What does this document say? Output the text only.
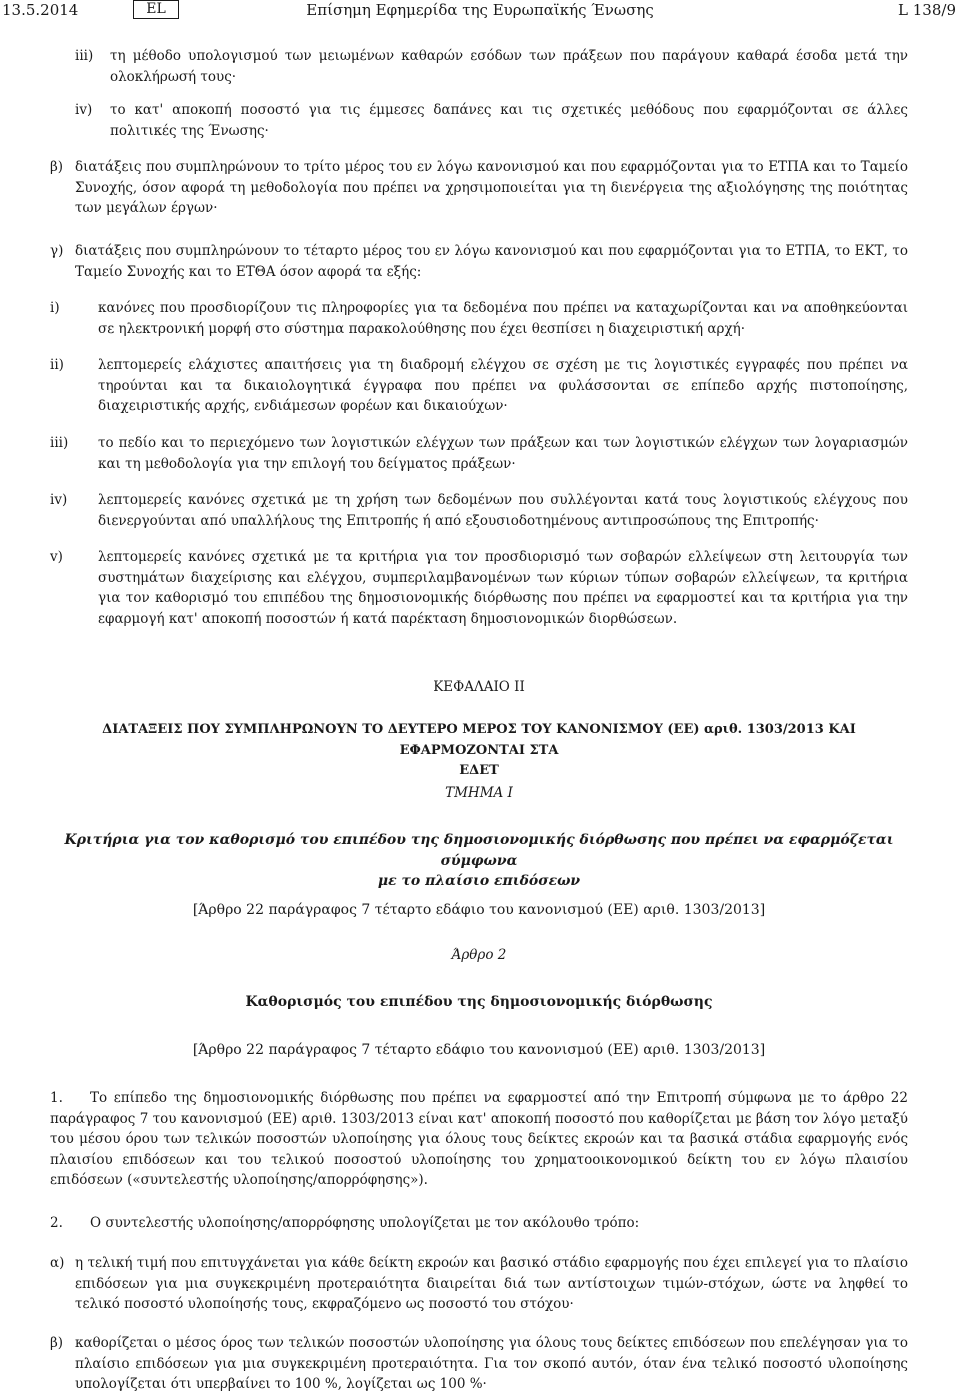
13.5.2014	EL	Επίσημη Εφημερίδα της Ευρωπαϊκής Ένωσης	L 138/9
iii) τη μέθοδο υπολογισμού των μειωμένων καθαρών εσόδων των πράξεων που παράγουν καθαρά έσοδα μετά την ολοκλήρωσή τους·
iv) το κατ' αποκοπή ποσοστό για τις έμμεσες δαπάνες και τις σχετικές μεθόδους που εφαρμόζονται σε άλλες πολιτικές της Ένωσης·
β) διατάξεις που συμπληρώνουν το τρίτο μέρος του εν λόγω κανονισμού και που εφαρμόζονται για το ΕΤΠΑ και το Ταμείο Συνοχής, όσον αφορά τη μεθοδολογία που πρέπει να χρησιμοποιείται για τη διενέργεια της αξιολόγησης της ποιότητας των μεγάλων έργων·
γ) διατάξεις που συμπληρώνουν το τέταρτο μέρος του εν λόγω κανονισμού και που εφαρμόζονται για το ΕΤΠΑ, το ΕΚΤ, το Ταμείο Συνοχής και το ΕΤΘΑ όσον αφορά τα εξής:
i)	κανόνες που προσδιορίζουν τις πληροφορίες για τα δεδομένα που πρέπει να καταχωρίζονται και να αποθηκεύονται σε ηλεκτρονική μορφή στο σύστημα παρακολούθησης που έχει θεσπίσει η διαχειριστική αρχή·
ii)	λεπτομερείς ελάχιστες απαιτήσεις για τη διαδρομή ελέγχου σε σχέση με τις λογιστικές εγγραφές που πρέπει να τηρούνται και τα δικαιολογητικά έγγραφα που πρέπει να φυλάσσονται σε επίπεδο αρχής πιστοποίησης, διαχειριστικής αρχής, ενδιάμεσων φορέων και δικαιούχων·
iii) το πεδίο και το περιεχόμενο των λογιστικών ελέγχων των πράξεων και των λογιστικών ελέγχων των λογαριασμών και τη μεθοδολογία για την επιλογή του δείγματος πράξεων·
iv) λεπτομερείς κανόνες σχετικά με τη χρήση των δεδομένων που συλλέγονται κατά τους λογιστικούς ελέγχους που διενεργούνται από υπαλλήλους της Επιτροπής ή από εξουσιοδοτημένους αντιπροσώπους της Επιτροπής·
v)	λεπτομερείς κανόνες σχετικά με τα κριτήρια για τον προσδιορισμό των σοβαρών ελλείψεων στη λειτουργία των συστημάτων διαχείρισης και ελέγχου, συμπεριλαμβανομένων των κύριων τύπων σοβαρών ελλείψεων, τα κριτήρια για τον καθορισμό του επιπέδου της δημοσιονομικής διόρθωσης που πρέπει να εφαρμοστεί και τα κριτήρια για την εφαρμογή κατ' αποκοπή ποσοστών ή κατά παρέκταση δημοσιονομικών διορθώσεων.
ΚΕΦΑΛΑΙΟ II
ΔΙΑΤΑΞΕΙΣ ΠΟΥ ΣΥΜΠΛΗΡΩΝΟΥΝ ΤΟ ΔΕΥΤΕΡΟ ΜΕΡΟΣ ΤΟΥ ΚΑΝΟΝΙΣΜΟΥ (ΕΕ) αριθ. 1303/2013 ΚΑΙ ΕΦΑΡΜΟΖΟΝΤΑΙ ΣΤΑ
ΕΔΕΤ
ΤΜΗΜΑ I
Κριτήρια για τον καθορισμό του επιπέδου της δημοσιονομικής διόρθωσης που πρέπει να εφαρμόζεται σύμφωνα
με το πλαίσιο επιδόσεων
[Άρθρο 22 παράγραφος 7 τέταρτο εδάφιο του κανονισμού (ΕΕ) αριθ. 1303/2013]
Άρθρο 2
Καθορισμός του επιπέδου της δημοσιονομικής διόρθωσης
[Άρθρο 22 παράγραφος 7 τέταρτο εδάφιο του κανονισμού (ΕΕ) αριθ. 1303/2013]
1. Το επίπεδο της δημοσιονομικής διόρθωσης που πρέπει να εφαρμοστεί από την Επιτροπή σύμφωνα με το άρθρο 22 παράγραφος 7 του κανονισμού (ΕΕ) αριθ. 1303/2013 είναι κατ' αποκοπή ποσοστό που καθορίζεται με βάση τον λόγο μεταξύ του μέσου όρου των τελικών ποσοστών υλοποίησης για όλους τους δείκτες εκροών και τα βασικά στάδια εφαρμογής ενός πλαισίου επιδόσεων και του τελικού ποσοστού υλοποίησης του χρηματοοικονομικού δείκτη του εν λόγω πλαισίου επιδόσεων («συντελεστής υλοποίησης/απορρόφησης»).
2. Ο συντελεστής υλοποίησης/απορρόφησης υπολογίζεται με τον ακόλουθο τρόπο:
α) η τελική τιμή που επιτυγχάνεται για κάθε δείκτη εκροών και βασικό στάδιο εφαρμογής που έχει επιλεγεί για το πλαίσιο επιδόσεων για μια συγκεκριμένη προτεραιότητα διαιρείται διά των αντίστοιχων τιμών-στόχων, ώστε να ληφθεί το τελικό ποσοστό υλοποίησής τους, εκφραζόμενο ως ποσοστό του στόχου·
β) καθορίζεται ο μέσος όρος των τελικών ποσοστών υλοποίησης για όλους τους δείκτες επιδόσεων που επελέγησαν για το πλαίσιο επιδόσεων για μια συγκεκριμένη προτεραιότητα. Για τον σκοπό αυτόν, όταν ένα τελικό ποσοστό υλοποίησης υπολογίζεται ότι υπερβαίνει το 100 %, λογίζεται ως 100 %·
